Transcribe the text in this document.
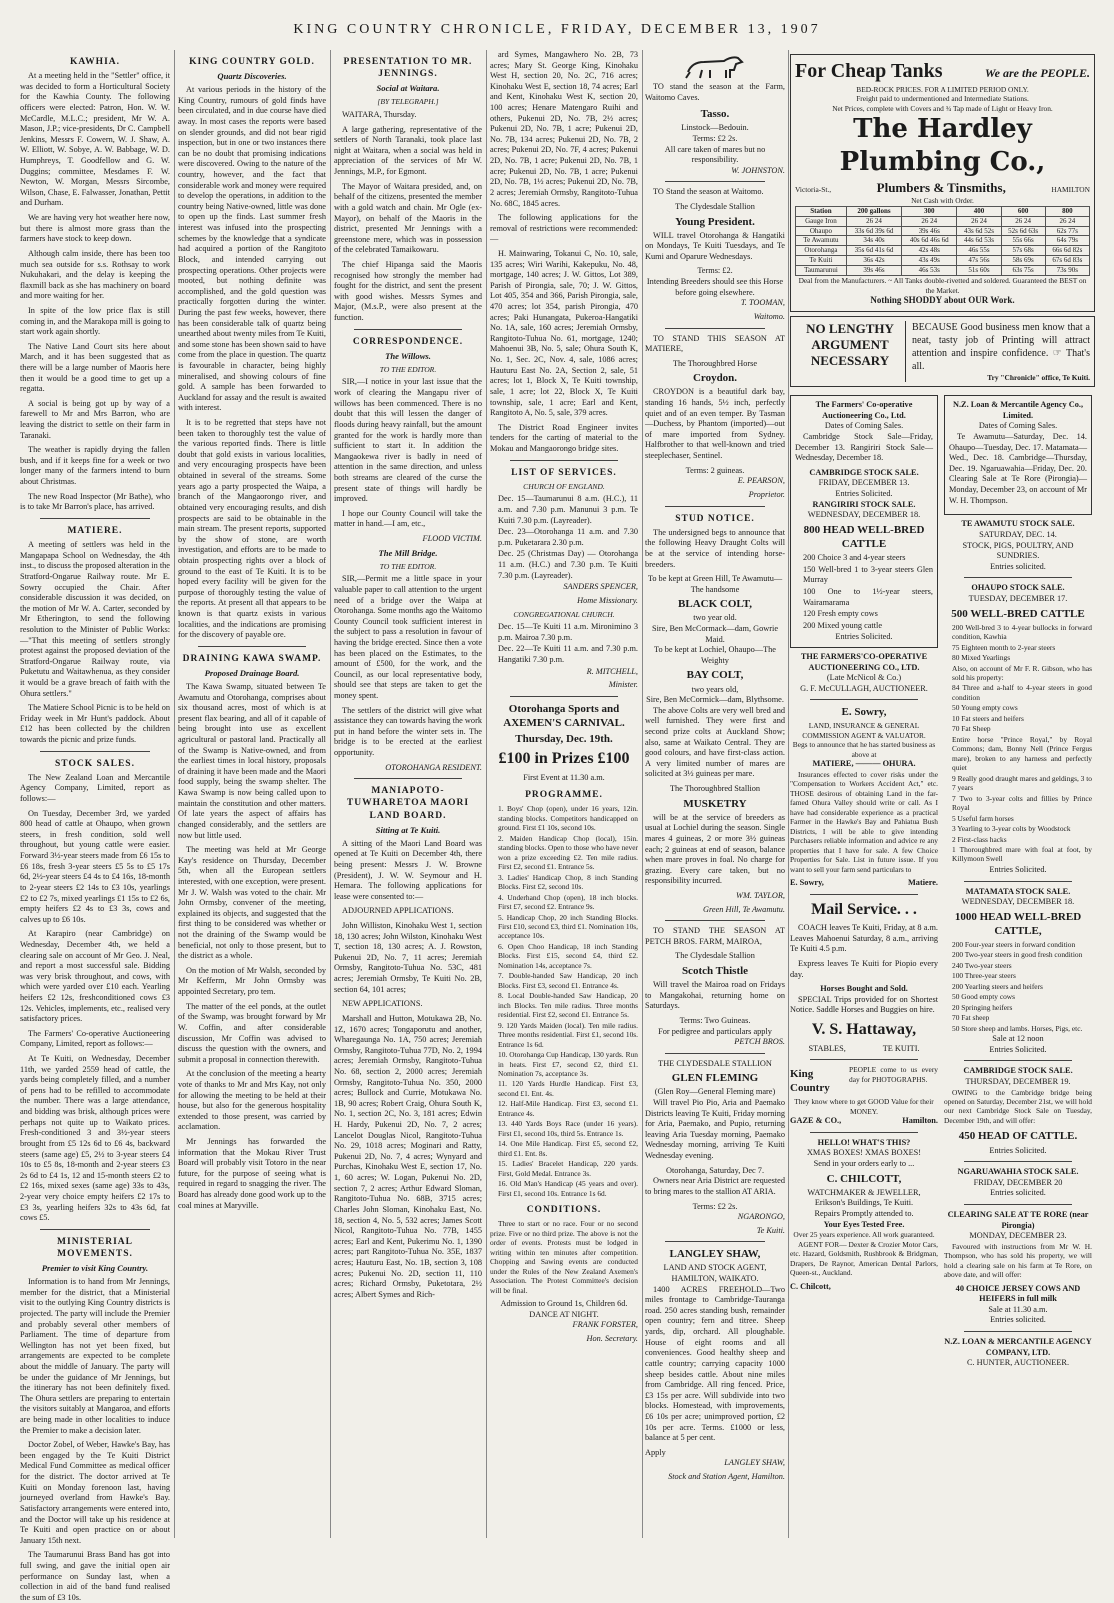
KING COUNTRY CHRONICLE, FRIDAY, DECEMBER 13, 1907
KAWHIA.

At a meeting held in the "Settler" office, it was decided to form a Horticultural Society for the Kawhia County. The following officers were elected: Patron, Hon. W. W. McCardle, M.L.C.; president, Mr W. A. Mason, J.P.; vice-presidents, Dr C. Campbell Jenkins, Messrs F. Cowern, W. J. Shaw, A. W. Elliott, W. Sobye, A. W. Babbage, W. D. Humphreys, T. Goodfellow and G. W. Duggins; committee, Mesdames F. W. Newton, W. Morgan, Messrs Sircombe, Wilson, Chase, E. Falwasser, Jonathan, Pettit and Durham.

We are having very hot weather here now, but there is almost more grass than the farmers have stock to keep down.

Although calm inside, there has been too much sea outside for s.s. Rothsay to work Nukuhakari, and the delay is keeping the flaxmill back as she has machinery on board and more waiting for her.

In spite of the low price flax is still coming in, and the Marakopa mill is going to start work again shortly.

The Native Land Court sits here about March, and it has been suggested that as there will be a large number of Maoris here then it would be a good time to get up a regatta.

A social is being got up by way of a farewell to Mr and Mrs Barron, who are leaving the district to settle on their farm in Taranaki.

The weather is rapidly drying the fallen bush, and if it keeps fine for a week or two longer many of the farmers intend to burn about Christmas.

The new Road Inspector (Mr Bathe), who is to take Mr Barron's place, has arrived.

MATIERE.

A meeting of settlers was held in the Mangapapa School on Wednesday, the 4th inst., to discuss the proposed alteration in the Stratford-Ongarue Railway route. Mr E. Sowry occupied the Chair. After considerable discussion it was decided, on the motion of Mr W. A. Carter, seconded by Mr Etherington, to send the following resolution to the Minister of Public Works:—"That this meeting of settlers strongly protest against the proposed deviation of the Stratford-Ongarue Railway route, via Puketutu and Waitawhenua, as they consider it would be a grave breach of faith with the Ohura settlers."

The Matiere School Picnic is to be held on Friday week in Mr Hunt's paddock. About £12 has been collected by the children towards the picnic and prize funds.

STOCK SALES.

The New Zealand Loan and Mercantile Agency Company, Limited, report as follows:—

On Tuesday, December 3rd, we yarded 800 head of cattle at Ohaupo, when grown steers, in fresh condition, sold well throughout, but young cattle were easier. Forward 3½-year steers made from £6 15s to £6 18s, fresh 3-year steers £5 5s to £5 17s 6d, 2½-year steers £4 4s to £4 16s, 18-month to 2-year steers £2 14s to £3 10s, yearlings £2 to £2 7s, mixed yearlings £1 15s to £2 6s, empty heifers £2 4s to £3 3s, cows and calves up to £6 10s.

At Karapiro (near Cambridge) on Wednesday, December 4th, we held a clearing sale on account of Mr Geo. J. Neal, and report a most successful sale. Bidding was very brisk throughout, and cows, with which were yarded over £10 each. Yearling heifers £2 12s, freshconditioned cows £3 12s. Vehicles, implements, etc., realised very satisfactory prices.

The Farmers' Co-operative Auctioneering Company, Limited, report as follows:—

At Te Kuiti, on Wednesday, December 11th, we yarded 2559 head of cattle, the yards being completely filled, and a number of pens had to be refilled to accommodate the number. There was a large attendance, and bidding was brisk, although prices were perhaps not quite up to Waikato prices. Fresh-conditioned 3 and 3½-year steers brought from £5 12s 6d to £6 4s, backward steers (same age) £5, 2½ to 3-year steers £4 10s to £5 8s, 18-month and 2-year steers £3 2s 6d to £4 1s, 12 and 15-month steers £2 to £2 16s, mixed sexes (same age) 33s to 43s, 2-year very choice empty heifers £2 17s to £3 3s, yearling heifers 32s to 43s 6d, fat cows £5.

MINISTERIAL MOVEMENTS.
Premier to visit King Country.

Information is to hand from Mr Jennings, member for the district, that a Ministerial visit to the outlying King Country districts is projected. The party will include the Premier and probably several other members of Parliament. The time of departure from Wellington has not yet been fixed, but arrangements are expected to be complete about the middle of January. The party will be under the guidance of Mr Jennings, but the itinerary has not been definitely fixed. The Ohura settlers are preparing to entertain the visitors suitably at Mangaroa, and efforts are being made in other localities to induce the Premier to make a decision later.

Doctor Zobel, of Weber, Hawke's Bay, has been engaged by the Te Kuiti District Medical Fund Committee as medical officer for the district. The doctor arrived at Te Kuiti on Monday forenoon last, having journeyed overland from Hawke's Bay. Satisfactory arrangements were entered into, and the Doctor will take up his residence at Te Kuiti and open practice on or about January 15th next.

The Taumarunui Brass Band has got into full swing, and gave the initial open air performance on Sunday last, when a collection in aid of the band fund realised the sum of £3 10s.

KING COUNTRY GOLD.
Quartz Discoveries.

At various periods in the history of the King Country, rumours of gold finds have been circulated, and in due course have died away. In most cases the reports were based on slender grounds, and did not bear rigid inspection, but in one or two instances there can be no doubt that promising indications were discovered. Owing to the nature of the country, however, and the fact that considerable work and money were required to develop the operations, in addition to the country being Native-owned, little was done to open up the finds. Last summer fresh interest was infused into the prospecting schemes by the knowledge that a syndicate had acquired a portion of the Rangitoto Block, and intended carrying out prospecting operations. Other projects were mooted, but nothing definite was accomplished, and the gold question was practically forgotten during the winter. During the past few weeks, however, there has been considerable talk of quartz being unearthed about twenty miles from Te Kuiti, and some stone has been shown said to have come from the place in question. The quartz is favourable in character, being highly mineralised, and showing colours of fine gold. A sample has been forwarded to Auckland for assay and the result is awaited with interest.

It is to be regretted that steps have not been taken to thoroughly test the value of the various reported finds. There is little doubt that gold exists in various localities, and very encouraging prospects have been obtained in several of the streams. Some years ago a party prospected the Waipa, a branch of the Mangaorongo river, and obtained very encouraging results, and dish prospects are said to be obtainable in the main stream. The present reports, supported by the show of stone, are worth investigation, and efforts are to be made to obtain prospecting rights over a block of ground to the east of Te Kuiti. It is to be hoped every facility will be given for the purpose of thoroughly testing the value of the reports. At present all that appears to be known is that quartz exists in various localities, and the indications are promising for the discovery of payable ore.

DRAINING KAWA SWAMP.
Proposed Drainage Board.

The Kawa Swamp, situated between Te Awamutu and Otorohanga, comprises about six thousand acres, most of which is at present flax bearing, and all of it capable of being brought into use as excellent agricultural or pastoral land. Practically all of the Swamp is Native-owned, and from the earliest times in local history, proposals of draining it have been made and the Maori food supply, being the swamp shelter. The Kawa Swamp is now being called upon to maintain the constitution and other matters. Of late years the aspect of affairs has changed considerably, and the settlers are now but little used.

The meeting was held at Mr George Kay's residence on Thursday, December 5th, when all the European settlers interested, with one exception, were present. Mr J. W. Walsh was voted to the chair. Mr John Ormsby, convener of the meeting, explained its objects, and suggested that the first thing to be considered was whether or not the draining of the Swamp would be beneficial, not only to those present, but to the district as a whole.

On the motion of Mr Walsh, seconded by Mr Kefferm, Mr John Ormsby was appointed Secretary, pro tem.

The matter of the eel ponds, at the outlet of the Swamp, was brought forward by Mr W. Coffin, and after considerable discussion, Mr Coffin was advised to discuss the question with the owners, and submit a proposal in connection therewith.

At the conclusion of the meeting a hearty vote of thanks to Mr and Mrs Kay, not only for allowing the meeting to be held at their house, but also for the generous hospitality extended to those present, was carried by acclamation.

Mr Jennings has forwarded the information that the Mokau River Trust Board will probably visit Totoro in the near future, for the purpose of seeing what is required in regard to snagging the river. The Board has already done good work up to the coal mines at Maryville.

PRESENTATION TO MR. JENNINGS.
Social at Waitara.
[BY TELEGRAPH.]

WAITARA, Thursday.

A large gathering, representative of the settlers of North Taranaki, took place last night at Waitara, when a social was held in appreciation of the services of Mr W. Jennings, M.P., for Egmont.

The Mayor of Waitara presided, and, on behalf of the citizens, presented the member with a gold watch and chain. Mr Ogle (ex-Mayor), on behalf of the Maoris in the district, presented Mr Jennings with a greenstone mere, which was in possession of the celebrated Tamaikowaru.

The chief Hipanga said the Maoris recognised how strongly the member had fought for the district, and sent the present with good wishes. Messrs Symes and Major, (M.s.P., were also present at the function.

CORRESPONDENCE.
The Willows.
TO THE EDITOR.

SIR,—I notice in your last issue that the work of clearing the Mangapu river of willows has been commenced. There is no doubt that this will lessen the danger of floods during heavy rainfall, but the amount granted for the work is hardly more than sufficient to start it. In addition the Mangaokewa river is badly in need of attention in the same direction, and unless both streams are cleared of the curse the present state of things will hardly be improved.

I hope our County Council will take the matter in hand.—I am, etc.,

FLOOD VICTIM.
The Mill Bridge.
TO THE EDITOR.

SIR,—Permit me a little space in your valuable paper to call attention to the urgent need of a bridge over the Waipa at Otorohanga. Some months ago the Waitomo County Council took sufficient interest in the subject to pass a resolution in favour of having the bridge erected. Since then a vote has been placed on the Estimates, to the amount of £500, for the work, and the Council, as our local representative body, should see that steps are taken to get the money spent.

The settlers of the district will give what assistance they can towards having the work put in hand before the winter sets in. The bridge is to be erected at the earliest opportunity.

OTOROHANGA RESIDENT.
MANIAPOTO-TUWHARETOA MAORI LAND BOARD.
Sitting at Te Kuiti.

A sitting of the Maori Land Board was opened at Te Kuiti on December 4th, there being present: Messrs J. W. Browne (President), J. W. W. Seymour and H. Hemara. The following applications for lease were consented to:—

ADJOURNED APPLICATIONS.

John Williston, Kinohaku West 1, section 18, 130 acres; John Wilston, Kinohaku West T, section 18, 130 acres; A. J. Rowston, Pukenui 2D, No. 7, 11 acres; Jeremiah Ormsby, Rangitoto-Tuhua No. 53C, 481 acres; Jeremiah Ormsby, Te Kuiti No. 2B, section 64, 101 acres;

NEW APPLICATIONS.

Marshall and Hutton, Motukawa 2B, No. 1Z, 1670 acres; Tongaporutu and another, Wharegaunga No. 1A, 750 acres; Jeremiah Ormsby, Rangitoto-Tuhua 77D, No. 2, 1994 acres; Jeremiah Ormsby, Rangitoto-Tuhua No. 68, section 2, 2000 acres; Jeremiah Ormsby, Rangitoto-Tuhua No. 350, 2000 acres; Bullock and Currie, Motukawa No. 1B, 90 acres; Robert Craig, Ohura South K, No. 1, section 2C, No. 3, 181 acres; Edwin H. Hardy, Pukenui 2D, No. 7, 2 acres; Lancelot Douglas Nicol, Rangitoto-Tuhua No. 29, 1018 acres; Moginari and Ratty, Pukenui 2D, No. 7, 4 acres; Wynyard and Purchas, Kinohaku West E, section 17, No. 1, 60 acres; W. Logan, Pukenui No. 2D, section 7, 2 acres; Arthur Edward Sloman, Rangitoto-Tuhua No. 68B, 3715 acres; Charles John Sloman, Kinohaku East, No. 18, section 4, No. 5, 532 acres; James Scott Nicol, Rangitoto-Tuhua No. 77B, 1455 acres; Earl and Kent, Pukerimu No. 1, 1390 acres; part Rangitoto-Tuhua No. 35E, 1837 acres; Hauturu East, No. 1B, section 3, 108 acres; Pukenui No. 2D, section 11, 110 acres; Richard Ormsby, Puketotara, 2½ acres; Albert Symes and Rich-

ard Symes, Mangawhero No. 2B, 73 acres; Mary St. George King, Kinohaku West H, section 20, No. 2C, 716 acres; Kinohaku West E, section 18, 74 acres; Earl and Kent, Kinohaku West K, section 20, 100 acres; Henare Matengaro Ruihi and others, Pukenui 2D, No. 7B, 2½ acres; Pukenui 2D, No. 7B, 1 acre; Pukenui 2D, No. 7B, 134 acres; Pukenui 2D, No. 7B, 2 acres; Pukenui 2D, No. 7F, 4 acres; Pukenui 2D, No. 7B, 1 acre; Pukenui 2D, No. 7B, 1 acre; Pukenui 2D, No. 7B, 1 acre; Pukenui 2D, No. 7B, 1½ acres; Pukenui 2D, No. 7B, 2 acres; Jeremiah Ormsby, Rangitoto-Tuhua No. 68C, 1845 acres.

The following applications for the removal of restrictions were recommended:—

H. Mainwaring, Tokanui C, No. 10, sale, 135 acres; Wiri Warihi, Kakepuku, No. 48, mortgage, 140 acres; J. W. Gittos, Lot 389, Parish of Pirongia, sale, 70; J. W. Gittos, Lot 405, 354 and 366, Parish Pirongia, sale, 470 acres; lot 354, parish Pirongia, 470 acres; Paki Hunangata, Pukeroa-Hangatiki No. 1A, sale, 160 acres; Jeremiah Ormsby, Rangitoto-Tuhua No. 61, mortgage, 1240; Mahoenui 3B, No. 5, sale; Ohura South K, No. 1, Sec. 2C, Nov. 4, sale, 1086 acres; Hauturu East No. 2A, Section 2, sale, 51 acres; lot 1, Block X, Te Kuiti township, sale, 1 acre; lot 22, Block X, Te Kuiti township, sale, 1 acre; Earl and Kent, Rangitoto A, No. 5, sale, 379 acres.

The District Road Engineer invites tenders for the carting of material to the Mokau and Mangaorongo bridge sites.

LIST OF SERVICES.
CHURCH OF ENGLAND.

Dec. 15—Taumarunui 8 a.m. (H.C.), 11 a.m. and 7.30 p.m. Manunui 3 p.m. Te Kuiti 7.30 p.m. (Layreader).

Dec. 23—Otorohanga 11 a.m. and 7.30 p.m. Puketarara 2.30 p.m.

Dec. 25 (Christmas Day) — Otorohanga 11 a.m. (H.C.) and 7.30 p.m. Te Kuiti 7.30 p.m. (Layreader).

SANDERS SPENCER,
Home Missionary.
CONGREGATIONAL CHURCH.

Dec. 15—Te Kuiti 11 a.m. Mironimino 3 p.m. Mairoa 7.30 p.m.

Dec. 22—Te Kuiti 11 a.m. and 7.30 p.m. Hangatiki 7.30 p.m.

R. MITCHELL,
Minister.
Otorohanga Sports and AXEMEN'S CARNIVAL.
Thursday, Dec. 19th.
£100 in Prizes £100
First Event at 11.30 a.m.
PROGRAMME.

1. Boys' Chop (open), under 16 years, 12in. standing blocks. Competitors handicapped on ground. First £1 10s, second 10s.

2. Maiden Handicap Chop (local), 15in. standing blocks. Open to those who have never won a prize exceeding £2. Ten mile radius. First £2, second £1. Entrance 5s.

3. Ladies' Handicap Chop, 8 inch Standing Blocks. First £2, second 10s.

4. Underhand Chop (open), 18 inch blocks. First £7, second £2. Entrance 9s.

5. Handicap Chop, 20 inch Standing Blocks. First £10, second £3, third £1. Nomination 10s, acceptance 10s.

6. Open Choo Handicap, 18 inch Standing Blocks. First £15, second £4, third £2. Nomination 14s, acceptance 7s.

7. Double-handed Saw Handicap, 20 inch Blocks. First £3, second £1. Entrance 4s.

8. Local Double-handed Saw Handicap, 20 inch Blocks. Ten mile radius. Three months residential. First £2, second £1. Entrance 5s.

9. 120 Yards Maiden (local). Ten mile radius. Three months residential. First £1, second 10s. Entrance 1s 6d.

10. Otorohanga Cup Handicap, 130 yards. Run in heats. First £7, second £2, third £1. Nomination 7s, acceptance 3s.

11. 120 Yards Hurdle Handicap. First £3, second £1. Ent. 4s.

12. Half-Mile Handicap. First £3, second £1. Entrance 4s.

13. 440 Yards Boys Race (under 16 years). First £1, second 10s, third 5s. Entrance 1s.

14. One Mile Handicap. First £5, second £2, third £1. Ent. 8s.

15. Ladies' Bracelet Handicap, 220 yards. First, Gold Medal. Entrance 3s.

16. Old Man's Handicap (45 years and over). First £1, second 10s. Entrance 1s 6d.

CONDITIONS.

Three to start or no race. Four or no second prize. Five or no third prize. The above is not the order of events. Protests must be lodged in writing within ten minutes after competition. Chopping and Sawing events are conducted under the Rules of the New Zealand Axemen's Association. The Protest Committee's decision will be final.

Admission to Ground 1s, Children 6d.
DANCE AT NIGHT.
FRANK FORSTER,
Hon. Secretary.

TO stand the season at the Farm, Waitomo Caves.

Tasso.
Linstock—Bedouin.
Terms: £2 2s.
All care taken of mares but no responsibility.
W. JOHNSTON.

TO Stand the season at Waitomo.

The Clydesdale Stallion
Young President.

WILL travel Otorohanga & Hangatiki on Mondays, Te Kuiti Tuesdays, and Te Kumi and Oparure Wednesdays.

Terms: £2.
Intending Breeders should see this Horse before going elsewhere.
T. TOOMAN,
Waitomo.

TO STAND THIS SEASON AT MATIERE,

The Thoroughbred Horse
Croydon.

CROYDON is a beautiful dark bay, standing 16 hands, 5½ inch, perfectly quiet and of an even temper. By Tasman—Duchess, by Phantom (imported)—out of mare imported from Sydney. Halfbrother to that well-known and tried steeplechaser, Sentinel.

Terms: 2 guineas.
E. PEARSON,
Proprietor.
STUD NOTICE.

The undersigned begs to announce that the following Heavy Draught Colts will be at the service of intending horse-breeders.

To be kept at Green Hill, Te Awamutu—The handsome
BLACK COLT,
two year old.
Sire, Ben McCormack—dam, Gowrie Maid.
To be kept at Lochiel, Ohaupo—The Weighty
BAY COLT,
two years old,
Sire, Ben McCormick—dam, Blythsome.

The above Colts are very well bred and well furnished. They were first and second prize colts at Auckland Show; also, same at Waikato Central. They are good colours, and have first-class action. A very limited number of mares are solicited at 3½ guineas per mare.

The Thoroughbred Stallion
MUSKETRY

will be at the service of breeders as usual at Lochiel during the season. Single mares 4 guineas, 2 or more 3½ guineas each; 2 guineas at end of season, balance when mare proves in foal. No charge for grazing. Every care taken, but no responsibility incurred.

WM. TAYLOR,
Green Hill, Te Awamutu.

TO STAND THE SEASON AT PETCH BROS. FARM, MAIROA,

The Clydesdale Stallion
Scotch Thistle

Will travel the Mairoa road on Fridays to Mangakohai, returning home on Saturdays.

Terms: Two Guineas.
For pedigree and particulars apply
PETCH BROS.
THE CLYDESDALE STALLION
GLEN FLEMING
(Glen Roy—General Fleming mare)

Will travel Pio Pio, Aria and Paemako Districts leaving Te Kuiti, Friday morning for Aria, Paemako, and Pupio, returning leaving Aria Tuesday morning, Paemako Wednesday morning, arriving Te Kuiti Wednesday evening.

Otorohanga, Saturday, Dec 7.

Owners near Aria District are requested to bring mares to the stallion AT ARIA.

Terms: £2 2s.
NGARONGO,
Te Kuiti.
LANGLEY SHAW,
LAND AND STOCK AGENT,
HAMILTON, WAIKATO.

1400 ACRES FREEHOLD—Two miles frontage to Cambridge-Tauranga road. 250 acres standing bush, remainder open country; fern and titree. Sheep yards, dip, orchard. All ploughable. House of eight rooms and all conveniences. Good healthy sheep and cattle country; carrying capacity 1000 sheep besides cattle. About nine miles from Cambridge. All ring fenced. Price, £3 15s per acre. Will subdivide into two blocks. Homestead, with improvements, £6 10s per acre; unimproved portion, £2 10s per acre. Terms. £1000 or less, balance at 5 per cent.

Apply
LANGLEY SHAW,
Stock and Station Agent, Hamilton.
For Cheap Tanks	We are the PEOPLE.
BED-ROCK PRICES. FOR A LIMITED PERIOD ONLY.
Freight paid to undermentioned and Intermediate Stations.
Net Prices, complete with Covers and ¾ Tap made of Light or Heavy Iron.
The Hardley Plumbing Co.,
Victoria-St.,	Plumbers & Tinsmiths,	HAMILTON
Net Cash with Order.
Station	200 gallons	300	400	600	800
Gauge Iron	26 24	26 24	26 24	26 24	26 24
Ohaupo	33s 6d 39s 6d	39s 46s	43s 6d 52s	52s 6d 63s	62s 77s
Te Awamutu	34s 40s	40s 6d 46s 6d	44s 6d 53s	55s 66s	64s 79s
Otorohanga	35s 6d 41s 6d	42s 48s	46s 55s	57s 68s	66s 6d 82s
Te Kuiti	36s 42s	43s 49s	47s 56s	58s 69s	67s 6d 83s
Taumarunui	39s 46s	46s 53s	51s 60s	63s 75s	73s 90s
Deal from the Manufacturers. ~ All Tanks double-rivetted and soldered. Guaranteed the BEST on the Market.
Nothing SHODDY about OUR Work.
NO LENGTHY
ARGUMENT
NECESSARY
BECAUSE Good business men know that a neat, tasty job of Printing will attract attention and inspire confidence. ☞ That's all.
Try "Chronicle" office, Te Kuiti.
The Farmers' Co-operative Auctioneering Co., Ltd.
Dates of Coming Sales.

Cambridge Stock Sale—Friday, December 13. Rangiriri Stock Sale—Wednesday, December 18.

CAMBRIDGE STOCK SALE.
FRIDAY, DECEMBER 13.
Entries Solicited.
RANGIRIRI STOCK SALE.
WEDNESDAY, DECEMBER 18.
800 HEAD WELL-BRED CATTLE

200 Choice 3 and 4-year steers

150 Well-bred 1 to 3-year steers Glen Murray

100 One to 1½-year steers, Wairamarama

120 Fresh empty cows

200 Mixed young cattle

Entries Solicited.
THE FARMERS'CO-OPERATIVE AUCTIONEERING CO., LTD.
(Late McNicol & Co.)
G. F. McCULLAGH, AUCTIONEER.
E. Sowry,
LAND, INSURANCE & GENERAL COMMISSION AGENT & VALUATOR.
Begs to announce that he has started business as above at
MATIERE, ——— OHURA.

Insurances effected to cover risks under the "Compensation to Workers Accident Act," etc. THOSE desirous of obtaining Land in the far-famed Ohura Valley should write or call. As I have had considerable experience as a practical Farmer in the Hawke's Bay and Pahiatua Bush Districts, I will be able to give intending Purchasers reliable information and advice re any properties that I have for sale. A few Choice Properties for Sale. List in future issue. If you want to sell your farm send particulars to

E. Sowry,	Matiere.
Mail Service. . .

COACH leaves Te Kuiti, Friday, at 8 a.m. Leaves Mahoenui Saturday, 8 a.m., arriving Te Kuiti 4.5 p.m.

Express leaves Te Kuiti for Piopio every day.

Horses Bought and Sold.

SPECIAL Trips provided for on Shortest Notice. Saddle Horses and Buggies on hire.

V. S. Hattaway,
STABLES,	TE KUITI.
King Country
PEOPLE come to us every day for PHOTOGRAPHS.
They know where to get GOOD Value for their MONEY.
GAZE & CO.,	Hamilton.
HELLO! WHAT'S THIS?
XMAS BOXES! XMAS BOXES!
Send in your orders early to ...
C. CHILCOTT,
WATCHMAKER & JEWELLER,
Erikson's Buildings, Te Kuiti.
Repairs Promptly attended to.
Your Eyes Tested Free.
Over 25 years experience. All work guaranteed.

AGENT FOR— Dexter & Crozier Motor Cars, etc. Hazard, Goldsmith, Rushbrook & Bridgman, Drapers, De Raynor, American Dental Parlors, Queen-st., Auckland.

C. Chilcott,
N.Z. Loan & Mercantile Agency Co., Limited.
Dates of Coming Sales.

Te Awamutu—Saturday, Dec. 14. Ohaupo—Tuesday, Dec. 17. Matamata—Wed., Dec. 18. Cambridge—Thursday, Dec. 19. Ngaruawahia—Friday, Dec. 20. Clearing Sale at Te Rore (Pirongia)—Monday, December 23, on account of Mr W. H. Thompson.

TE AWAMUTU STOCK SALE.
SATURDAY, DEC. 14.
STOCK, PIGS, POULTRY, AND SUNDRIES.
Entries solicited.
OHAUPO STOCK SALE.
TUESDAY, DECEMBER 17.
500 WELL-BRED CATTLE

200 Well-bred 3 to 4-year bullocks in forward condition, Kawhia

75 Eighteen month to 2-year steers

80 Mixed Yearlings

Also, on account of Mr F. R. Gibson, who has sold his property:

84 Three and a-half to 4-year steers in good condition

50 Young empty cows

10 Fat steers and heifers

70 Fat Sheep

Entire horse "Prince Royal," by Royal Commons; dam, Bonny Nell (Prince Fergus mare), broken to any harness and perfectly quiet

9 Really good draught mares and geldings, 3 to 7 years

7 Two to 3-year colts and fillies by Prince Royal

5 Useful farm horses

3 Yearling to 3-year colts by Woodstock

2 First-class hacks

1 Thoroughbred mare with foal at foot, by Killymoon Swell

Entries Solicited.
MATAMATA STOCK SALE.
WEDNESDAY, DECEMBER 18.
1000 HEAD WELL-BRED CATTLE,

200 Four-year steers in forward condition

200 Two-year steers in good fresh condition

240 Two-year steers

100 Three-year steers

200 Yearling steers and heifers

50 Good empty cows

20 Springing heifers

70 Fat sheep

50 Store sheep and lambs. Horses, Pigs, etc.

Sale at 12 noon
Entries Solicited.
CAMBRIDGE STOCK SALE.
THURSDAY, DECEMBER 19.

OWING to the Cambridge bridge being opened on Saturday, December 21st, we will hold our next Cambridge Stock Sale on Tuesday, December 19th, and will offer:

450 HEAD OF CATTLE.
Entries Solicited.
NGARUAWAHIA STOCK SALE.
FRIDAY, DECEMBER 20
Entries solicited.
CLEARING SALE AT TE RORE (near Pirongia)
MONDAY, DECEMBER 23.

Favoured with instructions from Mr W. H. Thompson, who has sold his property, we will hold a clearing sale on his farm at Te Rore, on above date, and will offer:

40 CHOICE JERSEY COWS AND HEIFERS in full milk
Sale at 11.30 a.m.
Entries solicited.
N.Z. LOAN & MERCANTILE AGENCY COMPANY, LTD.
C. HUNTER, AUCTIONEER.
